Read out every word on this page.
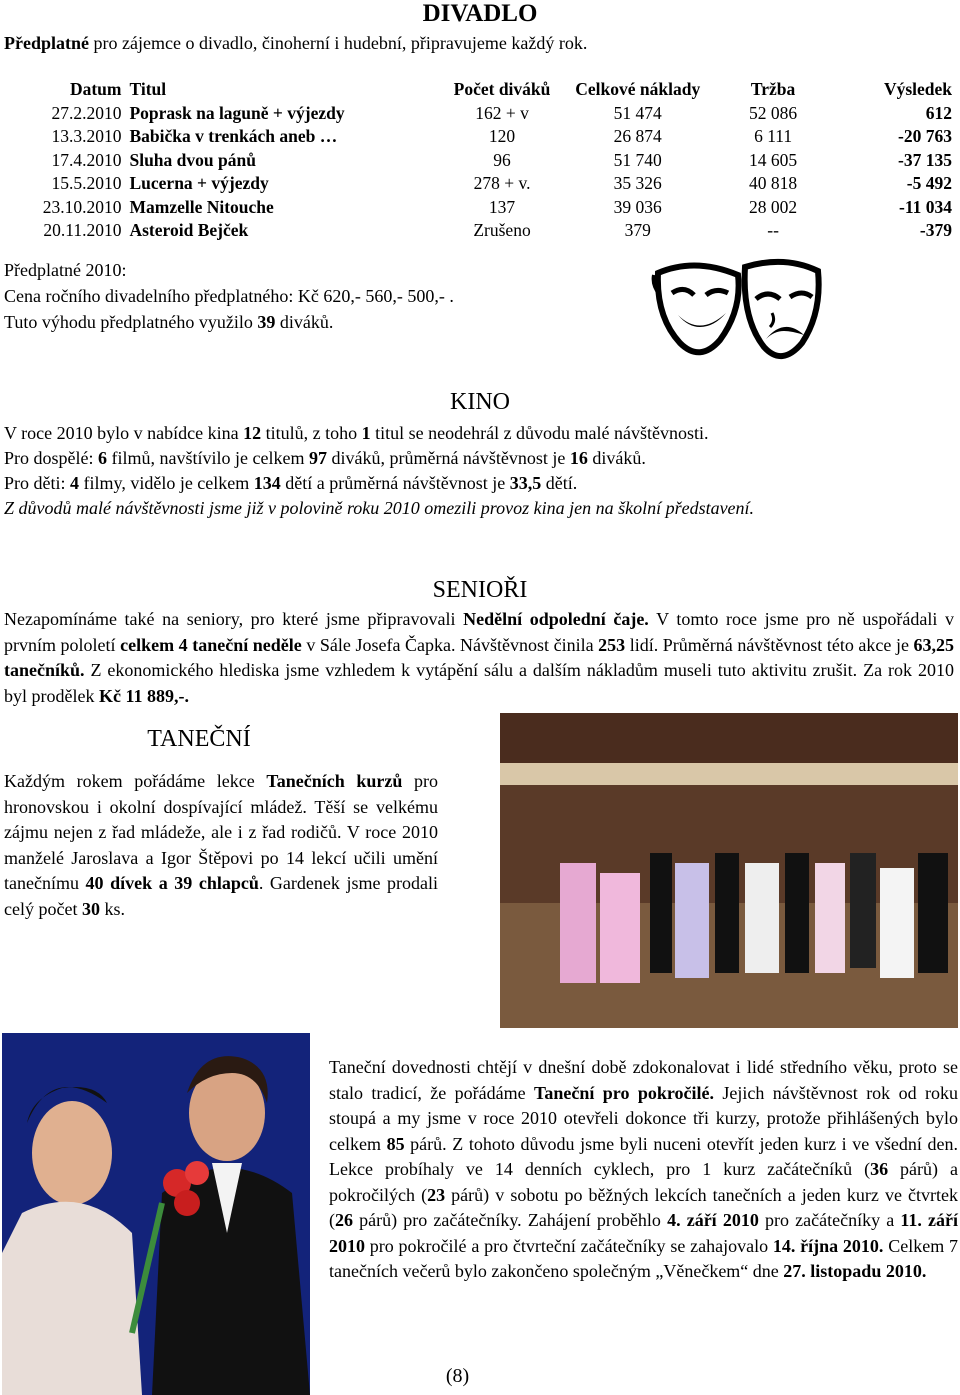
DIVADLO
Předplatné pro zájemce o divadlo, činoherní i hudební, připravujeme každý rok.
Datum	Titul	Počet diváků	Celkové náklady	Tržba	Výsledek
27.2.2010	Poprask na laguně + výjezdy	162 + v	51 474	52 086	612
13.3.2010	Babička v trenkách aneb …	120	26 874	6 111	-20 763
17.4.2010	Sluha dvou pánů	96	51 740	14 605	-37 135
15.5.2010	Lucerna + výjezdy	278 + v.	35 326	40 818	-5 492
23.10.2010	Mamzelle Nitouche	137	39 036	28 002	-11 034
20.11.2010	Asteroid Bejček	Zrušeno	379	--	-379
Předplatné 2010:
Cena ročního divadelního předplatného: Kč 620,- 560,- 500,- .
Tuto výhodu předplatného využilo 39 diváků.
KINO
V roce 2010 bylo v nabídce kina 12 titulů, z toho 1 titul se neodehrál z důvodu malé návštěvnosti.
Pro dospělé: 6 filmů, navštívilo je celkem 97 diváků, průměrná návštěvnost je 16 diváků.
Pro děti: 4 filmy, vidělo je celkem 134 dětí a průměrná návštěvnost je 33,5 dětí.
Z důvodů malé návštěvnosti jsme již v polovině roku 2010 omezili provoz kina jen na školní představení.
SENIOŘI
Nezapomínáme také na seniory, pro které jsme připravovali Nedělní odpolední čaje. V tomto roce jsme pro ně uspořádali v prvním pololetí celkem 4 taneční neděle v Sále Josefa Čapka. Návštěvnost činila 253 lidí. Průměrná návštěvnost této akce je 63,25 tanečníků. Z ekonomického hlediska jsme vzhledem k vytápění sálu a dalším nákladům museli tuto aktivitu zrušit. Za rok 2010 byl prodělek Kč 11 889,-.
TANEČNÍ
Každým rokem pořádáme lekce Tanečních kurzů pro hronovskou i okolní dospívající mládež. Těší se velkému zájmu nejen z řad mládeže, ale i z řad rodičů. V roce 2010 manželé Jaroslava a Igor Štěpovi po 14 lekcí učili umění tanečnímu 40 dívek a 39 chlapců. Gardenek jsme prodali celý počet 30 ks.
Taneční dovednosti chtějí v dnešní době zdokonalovat i lidé středního věku, proto se stalo tradicí, že pořádáme Taneční pro pokročilé. Jejich návštěvnost rok od roku stoupá a my jsme v roce 2010 otevřeli dokonce tři kurzy, protože přihlášených bylo celkem 85 párů. Z tohoto důvodu jsme byli nuceni otevřít jeden kurz i ve všední den. Lekce probíhaly ve 14 denních cyklech, pro 1 kurz začátečníků (36 párů) a pokročilých (23 párů) v sobotu po běžných lekcích tanečních a jeden kurz ve čtvrtek (26 párů) pro začátečníky. Zahájení proběhlo 4. září 2010 pro začátečníky a 11. září 2010 pro pokročilé a pro čtvrteční začátečníky se zahajovalo 14. října 2010. Celkem 7 tanečních večerů bylo zakončeno společným „Věnečkem“ dne 27. listopadu 2010.
(8)
